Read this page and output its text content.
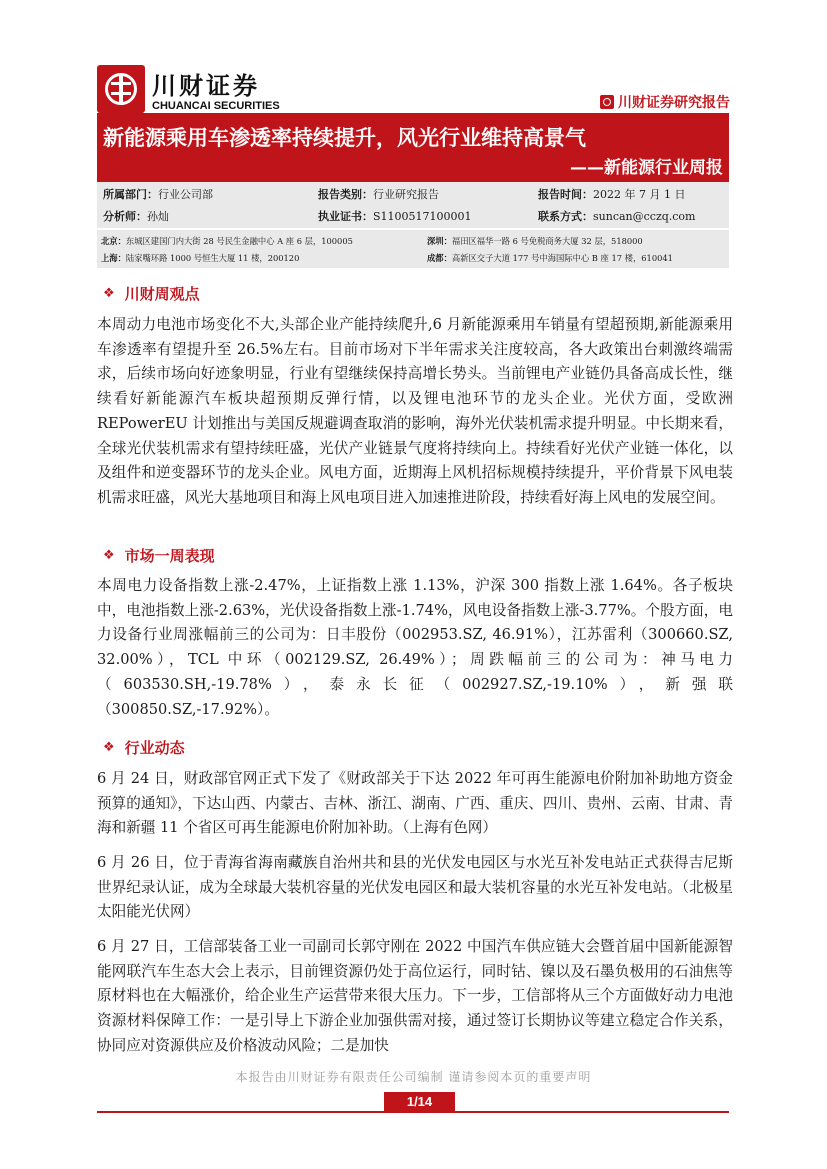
川财证券
CHUANCAI SECURITIES	川财证券研究报告
新能源乘用车渗透率持续提升，风光行业维持高景气
——新能源行业周报
所属部门：行业公司部	报告类别：行业研究报告	报告时间：2022 年 7 月 1 日
分析师：孙灿	执业证书：S1100517100001	联系方式：suncan@cczq.com
北京：东城区建国门内大街 28 号民生金融中心 A 座 6 层，100005	深圳：福田区福华一路 6 号免税商务大厦 32 层，518000
上海：陆家嘴环路 1000 号恒生大厦 11 楼，200120	成都：高新区交子大道 177 号中海国际中心 B 座 17 楼，610041
❖ 川财周观点
本周动力电池市场变化不大,头部企业产能持续爬升,6 月新能源乘用车销量有望超预期,新能源乘用车渗透率有望提升至 26.5%左右。目前市场对下半年需求关注度较高，各大政策出台刺激终端需求，后续市场向好迹象明显，行业有望继续保持高增长势头。当前锂电产业链仍具备高成长性，继续看好新能源汽车板块超预期反弹行情，以及锂电池环节的龙头企业。光伏方面，受欧洲 REPowerEU 计划推出与美国反规避调查取消的影响，海外光伏装机需求提升明显。中长期来看，全球光伏装机需求有望持续旺盛，光伏产业链景气度将持续向上。持续看好光伏产业链一体化，以及组件和逆变器环节的龙头企业。风电方面，近期海上风机招标规模持续提升，平价背景下风电装机需求旺盛，风光大基地项目和海上风电项目进入加速推进阶段，持续看好海上风电的发展空间。
❖ 市场一周表现
本周电力设备指数上涨-2.47%，上证指数上涨 1.13%，沪深 300 指数上涨 1.64%。各子板块中，电池指数上涨-2.63%，光伏设备指数上涨-1.74%，风电设备指数上涨-3.77%。个股方面，电力设备行业周涨幅前三的公司为：日丰股份（002953.SZ, 46.91%），江苏雷利（300660.SZ, 32.00%），TCL 中环（002129.SZ, 26.49%）；周跌幅前三的公司为：神马电力（603530.SH,-19.78%），泰永长征（002927.SZ,-19.10%），新强联（300850.SZ,-17.92%）。
❖ 行业动态
6 月 24 日，财政部官网正式下发了《财政部关于下达 2022 年可再生能源电价附加补助地方资金预算的通知》，下达山西、内蒙古、吉林、浙江、湖南、广西、重庆、四川、贵州、云南、甘肃、青海和新疆 11 个省区可再生能源电价附加补助。（上海有色网）
6 月 26 日，位于青海省海南藏族自治州共和县的光伏发电园区与水光互补发电站正式获得吉尼斯世界纪录认证，成为全球最大装机容量的光伏发电园区和最大装机容量的水光互补发电站。（北极星太阳能光伏网）
6 月 27 日，工信部装备工业一司副司长郭守刚在 2022 中国汽车供应链大会暨首届中国新能源智能网联汽车生态大会上表示，目前锂资源仍处于高位运行，同时钴、镍以及石墨负极用的石油焦等原材料也在大幅涨价，给企业生产运营带来很大压力。下一步，工信部将从三个方面做好动力电池资源材料保障工作：一是引导上下游企业加强供需对接，通过签订长期协议等建立稳定合作关系，协同应对资源供应及价格波动风险；二是加快
本报告由川财证券有限责任公司编制 谨请参阅本页的重要声明
1/14
